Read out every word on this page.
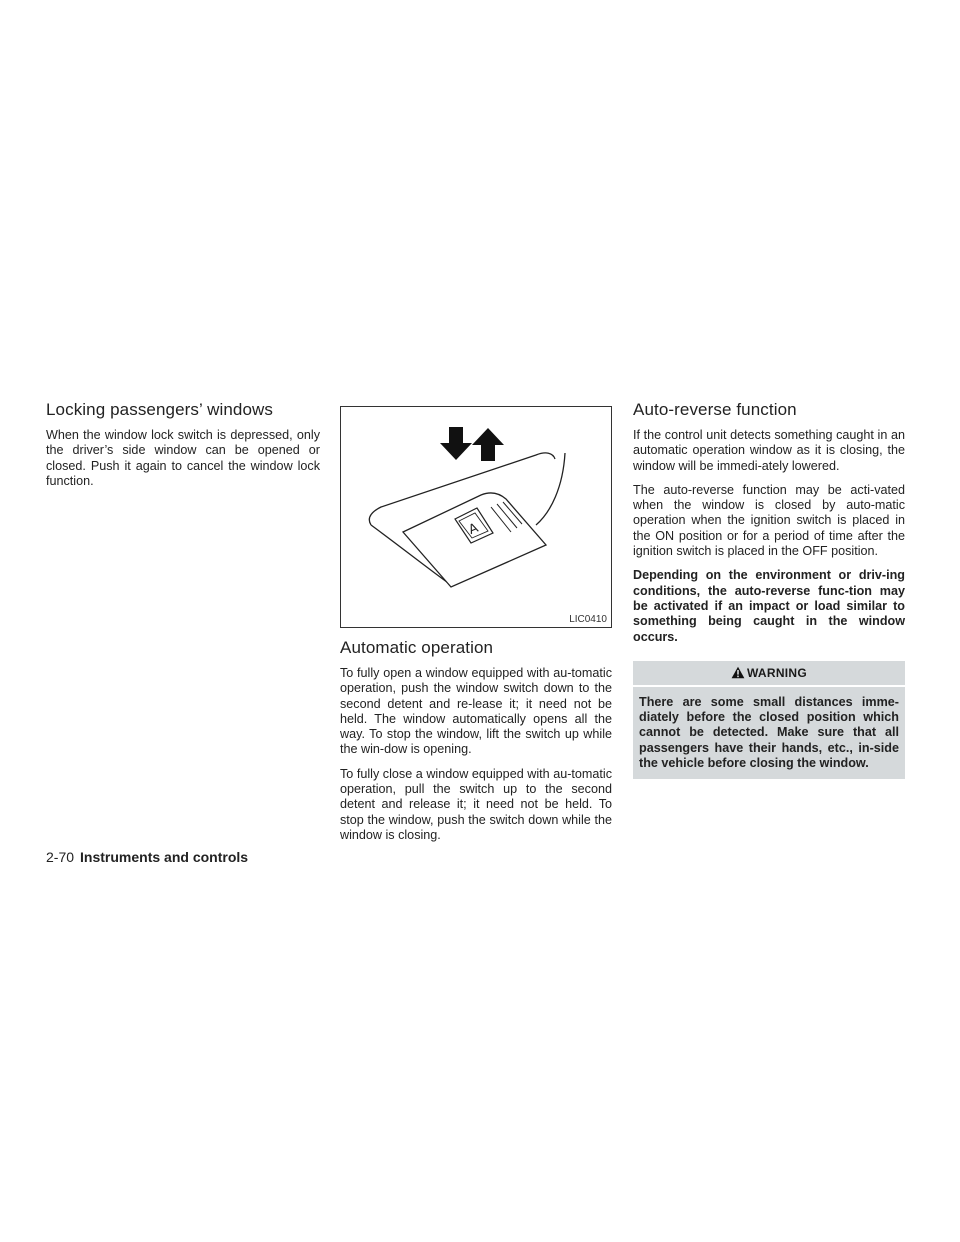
Locking passengers’ windows

When the window lock switch is depressed, only the driver’s side window can be opened or closed. Push it again to cancel the window lock function.

A
LIC0410
Automatic operation

To fully open a window equipped with au-tomatic operation, push the window switch down to the second detent and re-lease it; it need not be held. The window automatically opens all the way. To stop the window, lift the switch up while the win-dow is opening.

To fully close a window equipped with au-tomatic operation, pull the switch up to the second detent and release it; it need not be held. To stop the window, push the switch down while the window is closing.

Auto-reverse function

If the control unit detects something caught in an automatic operation window as it is closing, the window will be immedi-ately lowered.

The auto-reverse function may be acti-vated when the window is closed by auto-matic operation when the ignition switch is placed in the ON position or for a period of time after the ignition switch is placed in the OFF position.

Depending on the environment or driv-ing conditions, the auto-reverse func-tion may be activated if an impact or load similar to something being caught in the window occurs.

WARNING

There are some small distances imme-diately before the closed position which cannot be detected. Make sure that all passengers have their hands, etc., in-side the vehicle before closing the window.

2-70 Instruments and controls
